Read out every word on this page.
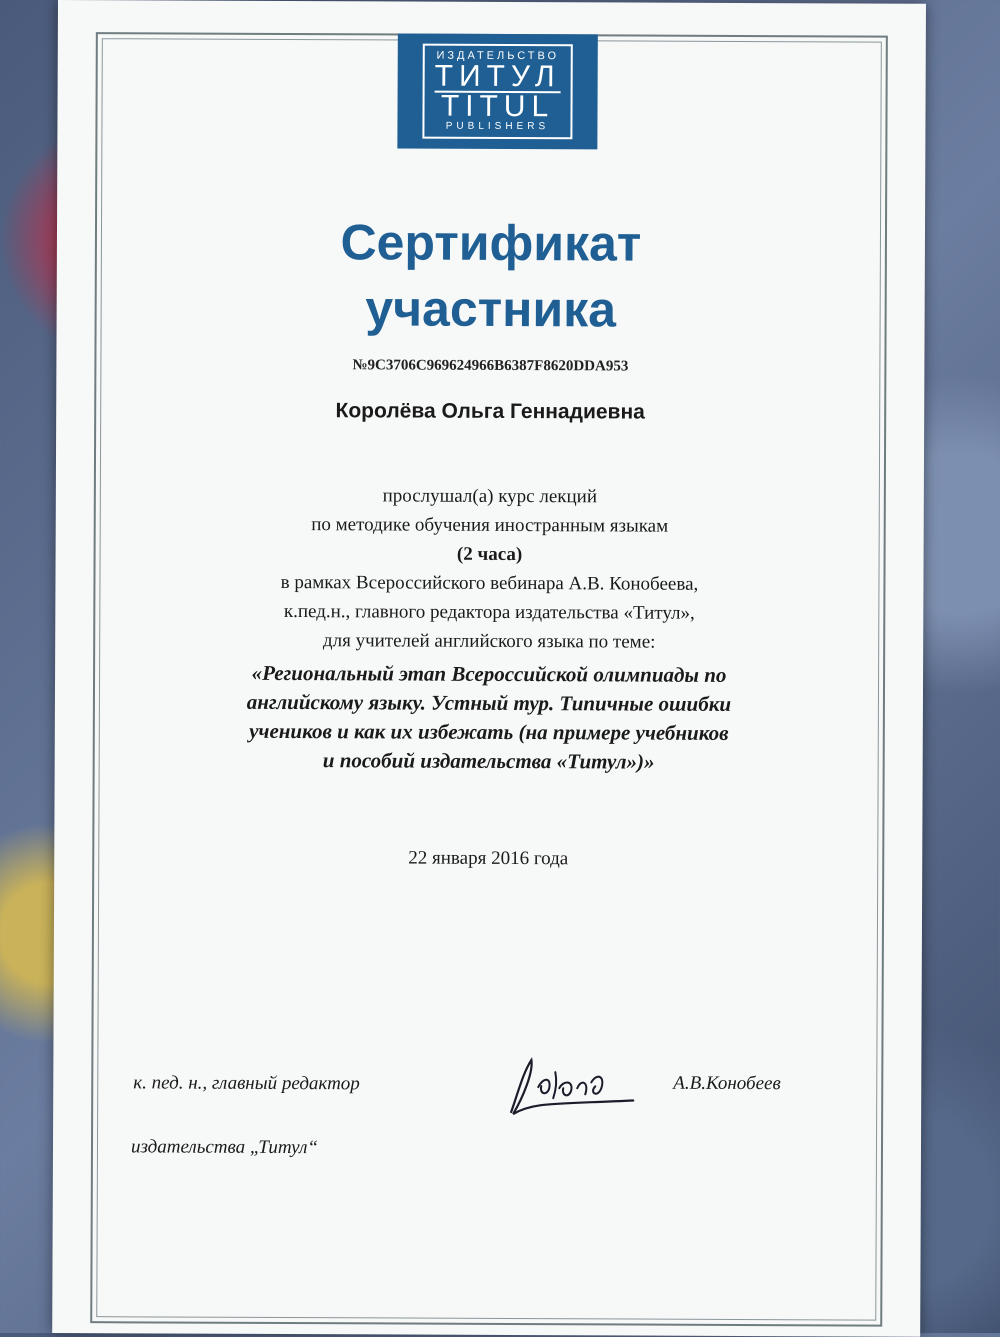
ИЗДАТЕЛЬСТВО
ТИТУЛ
TITUL
PUBLISHERS
Сертификат
участника
№9C3706C969624966B6387F8620DDA953
Королёва Ольга Геннадиевна
прослушал(а) курс лекций
по методике обучения иностранным языкам
(2 часа)
в рамках Всероссийского вебинара А.В. Конобеева,
к.пед.н., главного редактора издательства «Титул»,
для учителей английского языка по теме:
«Региональный этап Всероссийской олимпиады по
английскому языку. Устный тур. Типичные ошибки
учеников и как их избежать (на примере учебников
и пособий издательства «Титул»)»
22 января 2016 года
к. пед. н., главный редактор
издательства „Титул“
А.В.Конобеев
